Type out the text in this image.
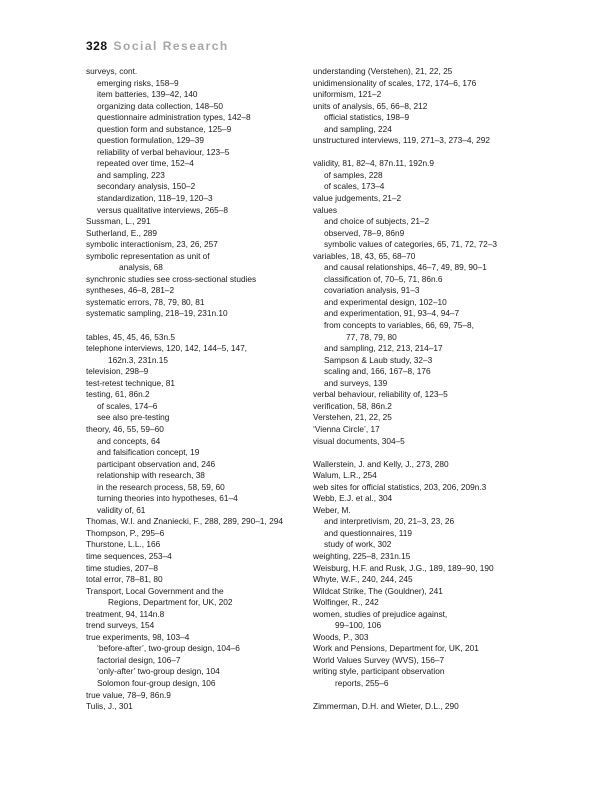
328 Social Research
surveys, cont.
emerging risks, 158–9
item batteries, 139–42, 140
organizing data collection, 148–50
questionnaire administration types, 142–8
question form and substance, 125–9
question formulation, 129–39
reliability of verbal behaviour, 123–5
repeated over time, 152–4
and sampling, 223
secondary analysis, 150–2
standardization, 118–19, 120–3
versus qualitative interviews, 265–8
Sussman, L., 291
Sutherland, E., 289
symbolic interactionism, 23, 26, 257
symbolic representation as unit of
analysis, 68
synchronic studies see cross-sectional studies
syntheses, 46–8, 281–2
systematic errors, 78, 79, 80, 81
systematic sampling, 218–19, 231n.10
tables, 45, 45, 46, 53n.5
telephone interviews, 120, 142, 144–5, 147,
162n.3, 231n.15
television, 298–9
test-retest technique, 81
testing, 61, 86n.2
of scales, 174–6
see also pre-testing
theory, 46, 55, 59–60
and concepts, 64
and falsification concept, 19
participant observation and, 246
relationship with research, 38
in the research process, 58, 59, 60
turning theories into hypotheses, 61–4
validity of, 61
Thomas, W.I. and Znaniecki, F., 288, 289, 290–1, 294
Thompson, P., 295–6
Thurstone, L.L., 166
time sequences, 253–4
time studies, 207–8
total error, 78–81, 80
Transport, Local Government and the
Regions, Department for, UK, 202
treatment, 94, 114n.8
trend surveys, 154
true experiments, 98, 103–4
‘before-after’, two-group design, 104–6
factorial design, 106–7
‘only-after’ two-group design, 104
Solomon four-group design, 106
true value, 78–9, 86n.9
Tulis, J., 301
understanding (Verstehen), 21, 22, 25
unidimensionality of scales, 172, 174–6, 176
uniformism, 121–2
units of analysis, 65, 66–8, 212
official statistics, 198–9
and sampling, 224
unstructured interviews, 119, 271–3, 273–4, 292
validity, 81, 82–4, 87n.11, 192n.9
of samples, 228
of scales, 173–4
value judgements, 21–2
values
and choice of subjects, 21–2
observed, 78–9, 86n9
symbolic values of categories, 65, 71, 72, 72–3
variables, 18, 43, 65, 68–70
and causal relationships, 46–7, 49, 89, 90–1
classification of, 70–5, 71, 86n.6
covariation analysis, 91–3
and experimental design, 102–10
and experimentation, 91, 93–4, 94–7
from concepts to variables, 66, 69, 75–8,
77, 78, 79, 80
and sampling, 212, 213, 214–17
Sampson & Laub study, 32–3
scaling and, 166, 167–8, 176
and surveys, 139
verbal behaviour, reliability of, 123–5
verification, 58, 86n.2
Verstehen, 21, 22, 25
‘Vienna Circle’, 17
visual documents, 304–5
Wallerstein, J. and Kelly, J., 273, 280
Walum, L.R., 254
web sites for official statistics, 203, 206, 209n.3
Webb, E.J. et al., 304
Weber, M.
and interpretivism, 20, 21–3, 23, 26
and questionnaires, 119
study of work, 302
weighting, 225–8, 231n.15
Weisburg, H.F. and Rusk, J.G., 189, 189–90, 190
Whyte, W.F., 240, 244, 245
Wildcat Strike, The (Gouldner), 241
Wolfinger, R., 242
women, studies of prejudice against,
99–100, 106
Woods, P., 303
Work and Pensions, Department for, UK, 201
World Values Survey (WVS), 156–7
writing style, participant observation
reports, 255–6
Zimmerman, D.H. and Wieter, D.L., 290
